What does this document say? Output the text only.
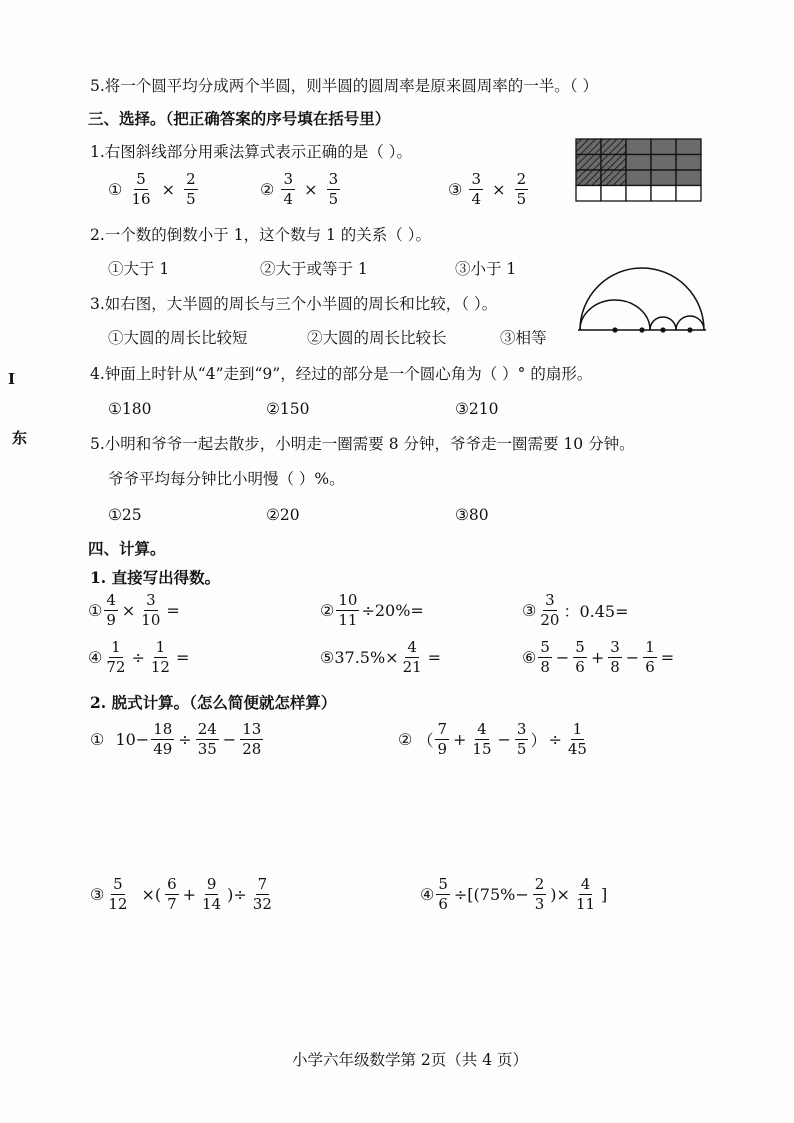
5.将一个圆平均分成两个半圆，则半圆的圆周率是原来圆周率的一半。（ ）
三、选择。（把正确答案的序号填在括号里）
1.右图斜线部分用乘法算式表示正确的是（ ）。
① $\frac{5}{16} \times \frac{2}{5}$	② $\frac{3}{4} \times \frac{3}{5}$	③ $\frac{3}{4} \times \frac{2}{5}$
2.一个数的倒数小于 1，这个数与 1 的关系（ ）。
①大于 1	②大于或等于 1	③小于 1
3.如右图，大半圆的周长与三个小半圆的周长和比较，（ ）。
①大圆的周长比较短	②大圆的周长比较长	③相等
4.钟面上时针从“4”走到“9”，经过的部分是一个圆心角为（ ）° 的扇形。
①180	②150	③210
5.小明和爷爷一起去散步，小明走一圈需要 8 分钟，爷爷走一圈需要 10 分钟。
爷爷平均每分钟比小明慢（ ）%。
①25	②20	③80
I
东
四、计算。
1. 直接写出得数。
① $\frac{4}{9} \times \frac{3}{10}$ =	② $\frac{10}{11} \div 20\%=$	③ $\frac{3}{20}$ ：0.45=
④ $\frac{1}{72} \div \frac{1}{12}$ =	⑤37.5%× $\frac{4}{21}$ =	⑥ $\frac{5}{8} - \frac{5}{6} + \frac{3}{8} - \frac{1}{6}$ =
2. 脱式计算。（怎么简便就怎样算）
① $10- \frac{18}{49} \div \frac{24}{35} - \frac{13}{28}$	② （ $\frac{7}{9} + \frac{4}{15} - \frac{3}{5}$ ） ÷ $\frac{1}{45}$
③ $\frac{5}{12}$ ×( $\frac{6}{7} + \frac{9}{14}$ )÷ $\frac{7}{32}$	④ $\frac{5}{6} \div[(75\%- \frac{2}{3}$ )× $\frac{4}{11}$ ]
小学六年级数学第 2页（共 4 页）
